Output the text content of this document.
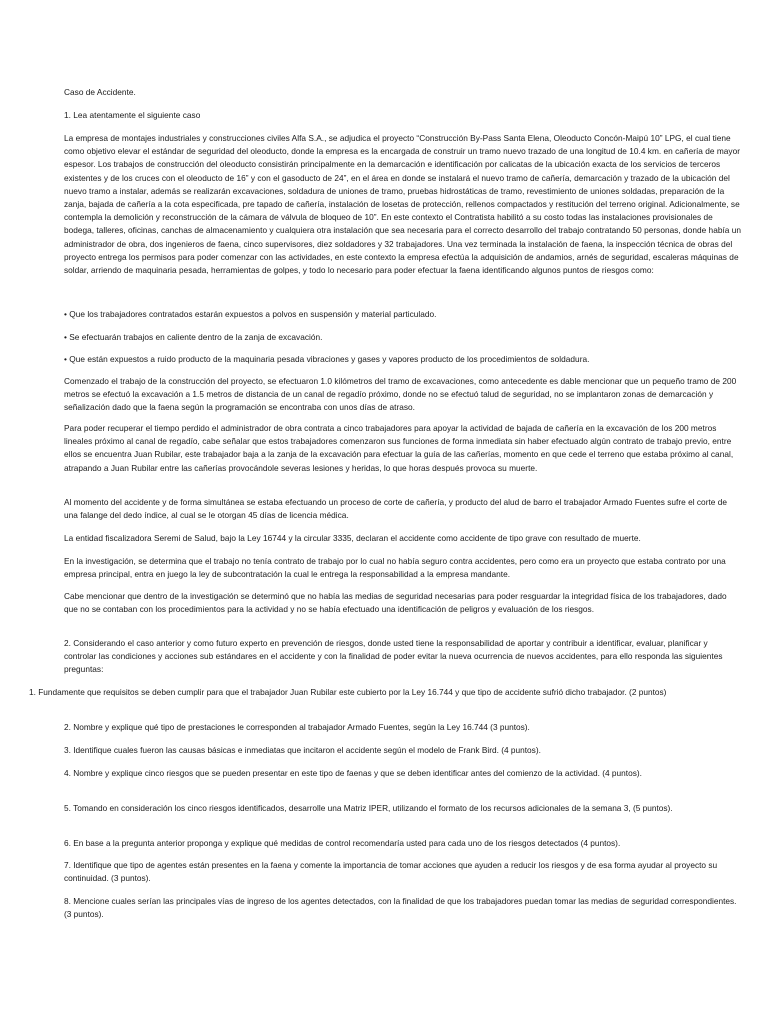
Caso de Accidente.

1. Lea atentamente el siguiente caso

La empresa de montajes industriales y construcciones civiles Alfa S.A., se adjudica el proyecto “Construcción By-Pass Santa Elena, Oleoducto Concón-Maipú 10” LPG, el cual tiene como objetivo elevar el estándar de seguridad del oleoducto, donde la empresa es la encargada de construir un tramo nuevo trazado de una longitud de 10.4 km. en cañería de mayor espesor. Los trabajos de construcción del oleoducto consistirán principalmente en la demarcación e identificación por calicatas de la ubicación exacta de los servicios de terceros existentes y de los cruces con el oleoducto de 16” y con el gasoducto de 24”, en el área en donde se instalará el nuevo tramo de cañería, demarcación y trazado de la ubicación del nuevo tramo a instalar, además se realizarán excavaciones, soldadura de uniones de tramo, pruebas hidrostáticas de tramo, revestimiento de uniones soldadas, preparación de la zanja, bajada de cañería a la cota especificada, pre tapado de cañería, instalación de losetas de protección, rellenos compactados y restitución del terreno original. Adicionalmente, se contempla la demolición y reconstrucción de la cámara de válvula de bloqueo de 10”. En este contexto el Contratista habilitó a su costo todas las instalaciones provisionales de bodega, talleres, oficinas, canchas de almacenamiento y cualquiera otra instalación que sea necesaria para el correcto desarrollo del trabajo contratando 50 personas, donde había un administrador de obra, dos ingenieros de faena, cinco supervisores, diez soldadores y 32 trabajadores. Una vez terminada la instalación de faena, la inspección técnica de obras del proyecto entrega los permisos para poder comenzar con las actividades, en este contexto la empresa efectúa la adquisición de andamios, arnés de seguridad, escaleras máquinas de soldar, arriendo de maquinaria pesada, herramientas de golpes, y todo lo necesario para poder efectuar la faena identificando algunos puntos de riesgos como:

• Que los trabajadores contratados estarán expuestos a polvos en suspensión y material particulado.

• Se efectuarán trabajos en caliente dentro de la zanja de excavación.

• Que están expuestos a ruido producto de la maquinaria pesada vibraciones y gases y vapores producto de los procedimientos de soldadura.

Comenzado el trabajo de la construcción del proyecto, se efectuaron 1.0 kilómetros del tramo de excavaciones, como antecedente es dable mencionar que un pequeño tramo de 200 metros se efectuó la excavación a 1.5 metros de distancia de un canal de regadío próximo, donde no se efectuó talud de seguridad, no se implantaron zonas de demarcación y señalización dado que la faena según la programación se encontraba con unos días de atraso.

Para poder recuperar el tiempo perdido el administrador de obra contrata a cinco trabajadores para apoyar la actividad de bajada de cañería en la excavación de los 200 metros lineales próximo al canal de regadío, cabe señalar que estos trabajadores comenzaron sus funciones de forma inmediata sin haber efectuado algún contrato de trabajo previo, entre ellos se encuentra Juan Rubilar, este trabajador baja a la zanja de la excavación para efectuar la guía de las cañerías, momento en que cede el terreno que estaba próximo al canal, atrapando a Juan Rubilar entre las cañerías provocándole severas lesiones y heridas, lo que horas después provoca su muerte.

Al momento del accidente y de forma simultánea se estaba efectuando un proceso de corte de cañería, y producto del alud de barro el trabajador Armado Fuentes sufre el corte de una falange del dedo índice, al cual se le otorgan 45 días de licencia médica.

La entidad fiscalizadora Seremi de Salud, bajo la Ley 16744 y la circular 3335, declaran el accidente como accidente de tipo grave con resultado de muerte.

En la investigación, se determina que el trabajo no tenía contrato de trabajo por lo cual no había seguro contra accidentes, pero como era un proyecto que estaba contrato por una empresa principal, entra en juego la ley de subcontratación la cual le entrega la responsabilidad a la empresa mandante.

Cabe mencionar que dentro de la investigación se determinó que no había las medias de seguridad necesarias para poder resguardar la integridad física de los trabajadores, dado que no se contaban con los procedimientos para la actividad y no se había efectuado una identificación de peligros y evaluación de los riesgos.

2. Considerando el caso anterior y como futuro experto en prevención de riesgos, donde usted tiene la responsabilidad de aportar y contribuir a identificar, evaluar, planificar y controlar las condiciones y acciones sub estándares en el accidente y con la finalidad de poder evitar la nueva ocurrencia de nuevos accidentes, para ello responda las siguientes preguntas:

1. Fundamente que requisitos se deben cumplir para que el trabajador Juan Rubilar este cubierto por la Ley 16.744 y que tipo de accidente sufrió dicho trabajador. (2 puntos)

2. Nombre y explique qué tipo de prestaciones le corresponden al trabajador Armado Fuentes, según la Ley 16.744 (3 puntos).

3. Identifique cuales fueron las causas básicas e inmediatas que incitaron el accidente según el modelo de Frank Bird. (4 puntos).

4. Nombre y explique cinco riesgos que se pueden presentar en este tipo de faenas y que se deben identificar antes del comienzo de la actividad. (4 puntos).

5. Tomando en consideración los cinco riesgos identificados, desarrolle una Matriz IPER, utilizando el formato de los recursos adicionales de la semana 3, (5 puntos).

6. En base a la pregunta anterior proponga y explique qué medidas de control recomendaría usted para cada uno de los riesgos detectados (4 puntos).

7. Identifique que tipo de agentes están presentes en la faena y comente la importancia de tomar acciones que ayuden a reducir los riesgos y de esa forma ayudar al proyecto su continuidad. (3 puntos).

8. Mencione cuales serían las principales vías de ingreso de los agentes detectados, con la finalidad de que los trabajadores puedan tomar las medias de seguridad correspondientes. (3 puntos).
